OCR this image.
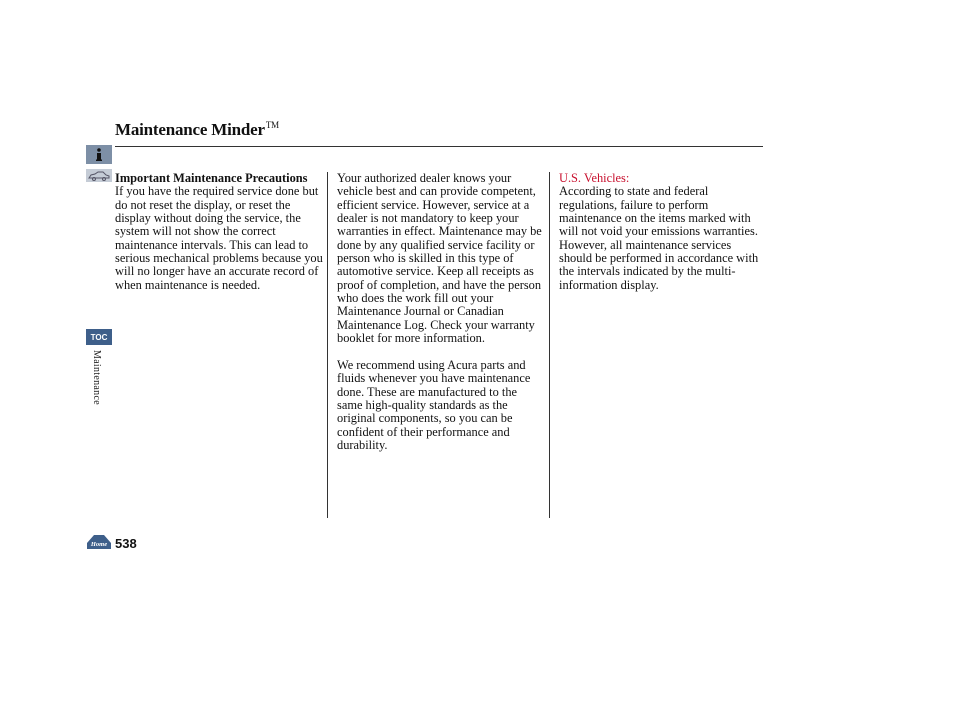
Maintenance Minder™
TOC
Maintenance
Home 538
Important Maintenance Precautions

If you have the required service done but do not reset the display, or reset the display without doing the service, the system will not show the correct maintenance intervals. This can lead to serious mechanical problems because you will no longer have an accurate record of when maintenance is needed.

Your authorized dealer knows your vehicle best and can provide competent, efficient service. However, service at a dealer is not mandatory to keep your warranties in effect. Maintenance may be done by any qualified service facility or person who is skilled in this type of automotive service. Keep all receipts as proof of completion, and have the person who does the work fill out your Maintenance Journal or Canadian Maintenance Log. Check your warranty booklet for more information.

We recommend using Acura parts and fluids whenever you have maintenance done. These are manufactured to the same high-quality standards as the original components, so you can be confident of their performance and durability.

U.S. Vehicles:

According to state and federal regulations, failure to perform maintenance on the items marked with       will not void your emissions warranties. However, all maintenance services should be performed in accordance with the intervals indicated by the multi-information display.
